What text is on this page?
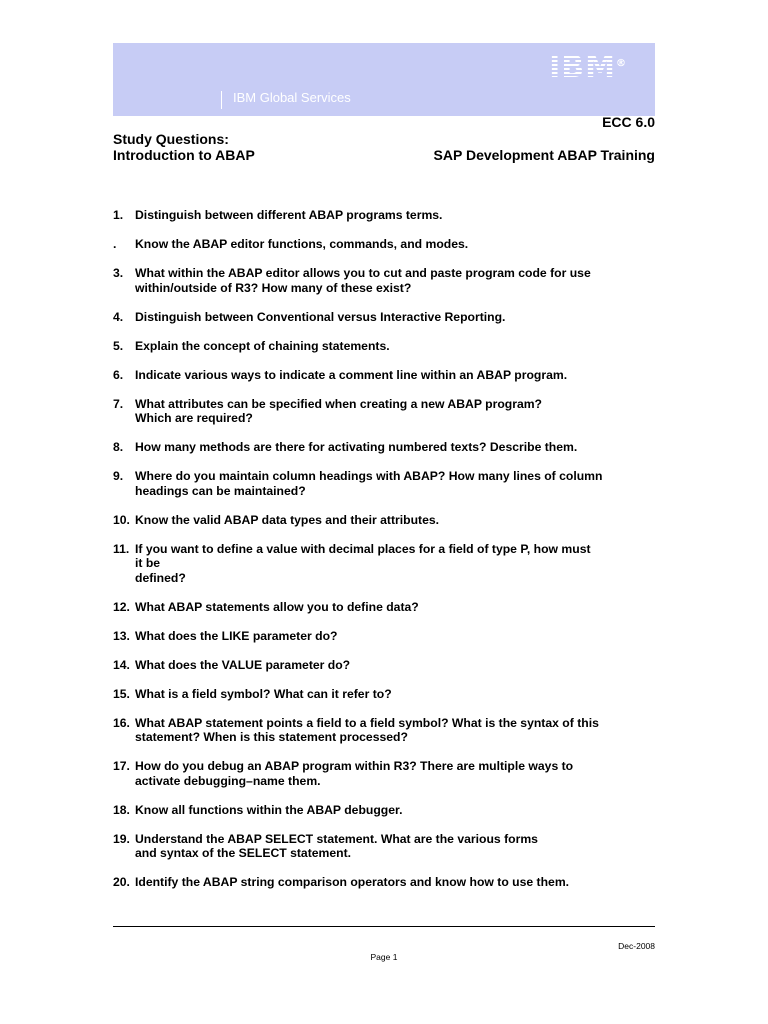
IBM®
IBM Global Services
ECC 6.0
Study Questions:
Introduction to ABAP	SAP Development ABAP Training
1. Distinguish between different ABAP programs terms.
.	Know the ABAP editor functions, commands, and modes.
3. What within the ABAP editor allows you to cut and paste program code for use
within/outside of R3? How many of these exist?
4. Distinguish between Conventional versus Interactive Reporting.
5. Explain the concept of chaining statements.
6. Indicate various ways to indicate a comment line within an ABAP program.
7. What attributes can be specified when creating a new ABAP program?
Which are required?
8. How many methods are there for activating numbered texts? Describe them.
9. Where do you maintain column headings with ABAP? How many lines of column
headings can be maintained?
10. Know the valid ABAP data types and their attributes.
11. If you want to define a value with decimal places for a field of type P, how must
it be
defined?
12. What ABAP statements allow you to define data?
13. What does the LIKE parameter do?
14. What does the VALUE parameter do?
15. What is a field symbol? What can it refer to?
16. What ABAP statement points a field to a field symbol? What is the syntax of this
statement? When is this statement processed?
17. How do you debug an ABAP program within R3? There are multiple ways to
activate debugging–name them.
18. Know all functions within the ABAP debugger.
19. Understand the ABAP SELECT statement. What are the various forms
and syntax of the SELECT statement.
20. Identify the ABAP string comparison operators and know how to use them.
Dec-2008
Page 1
